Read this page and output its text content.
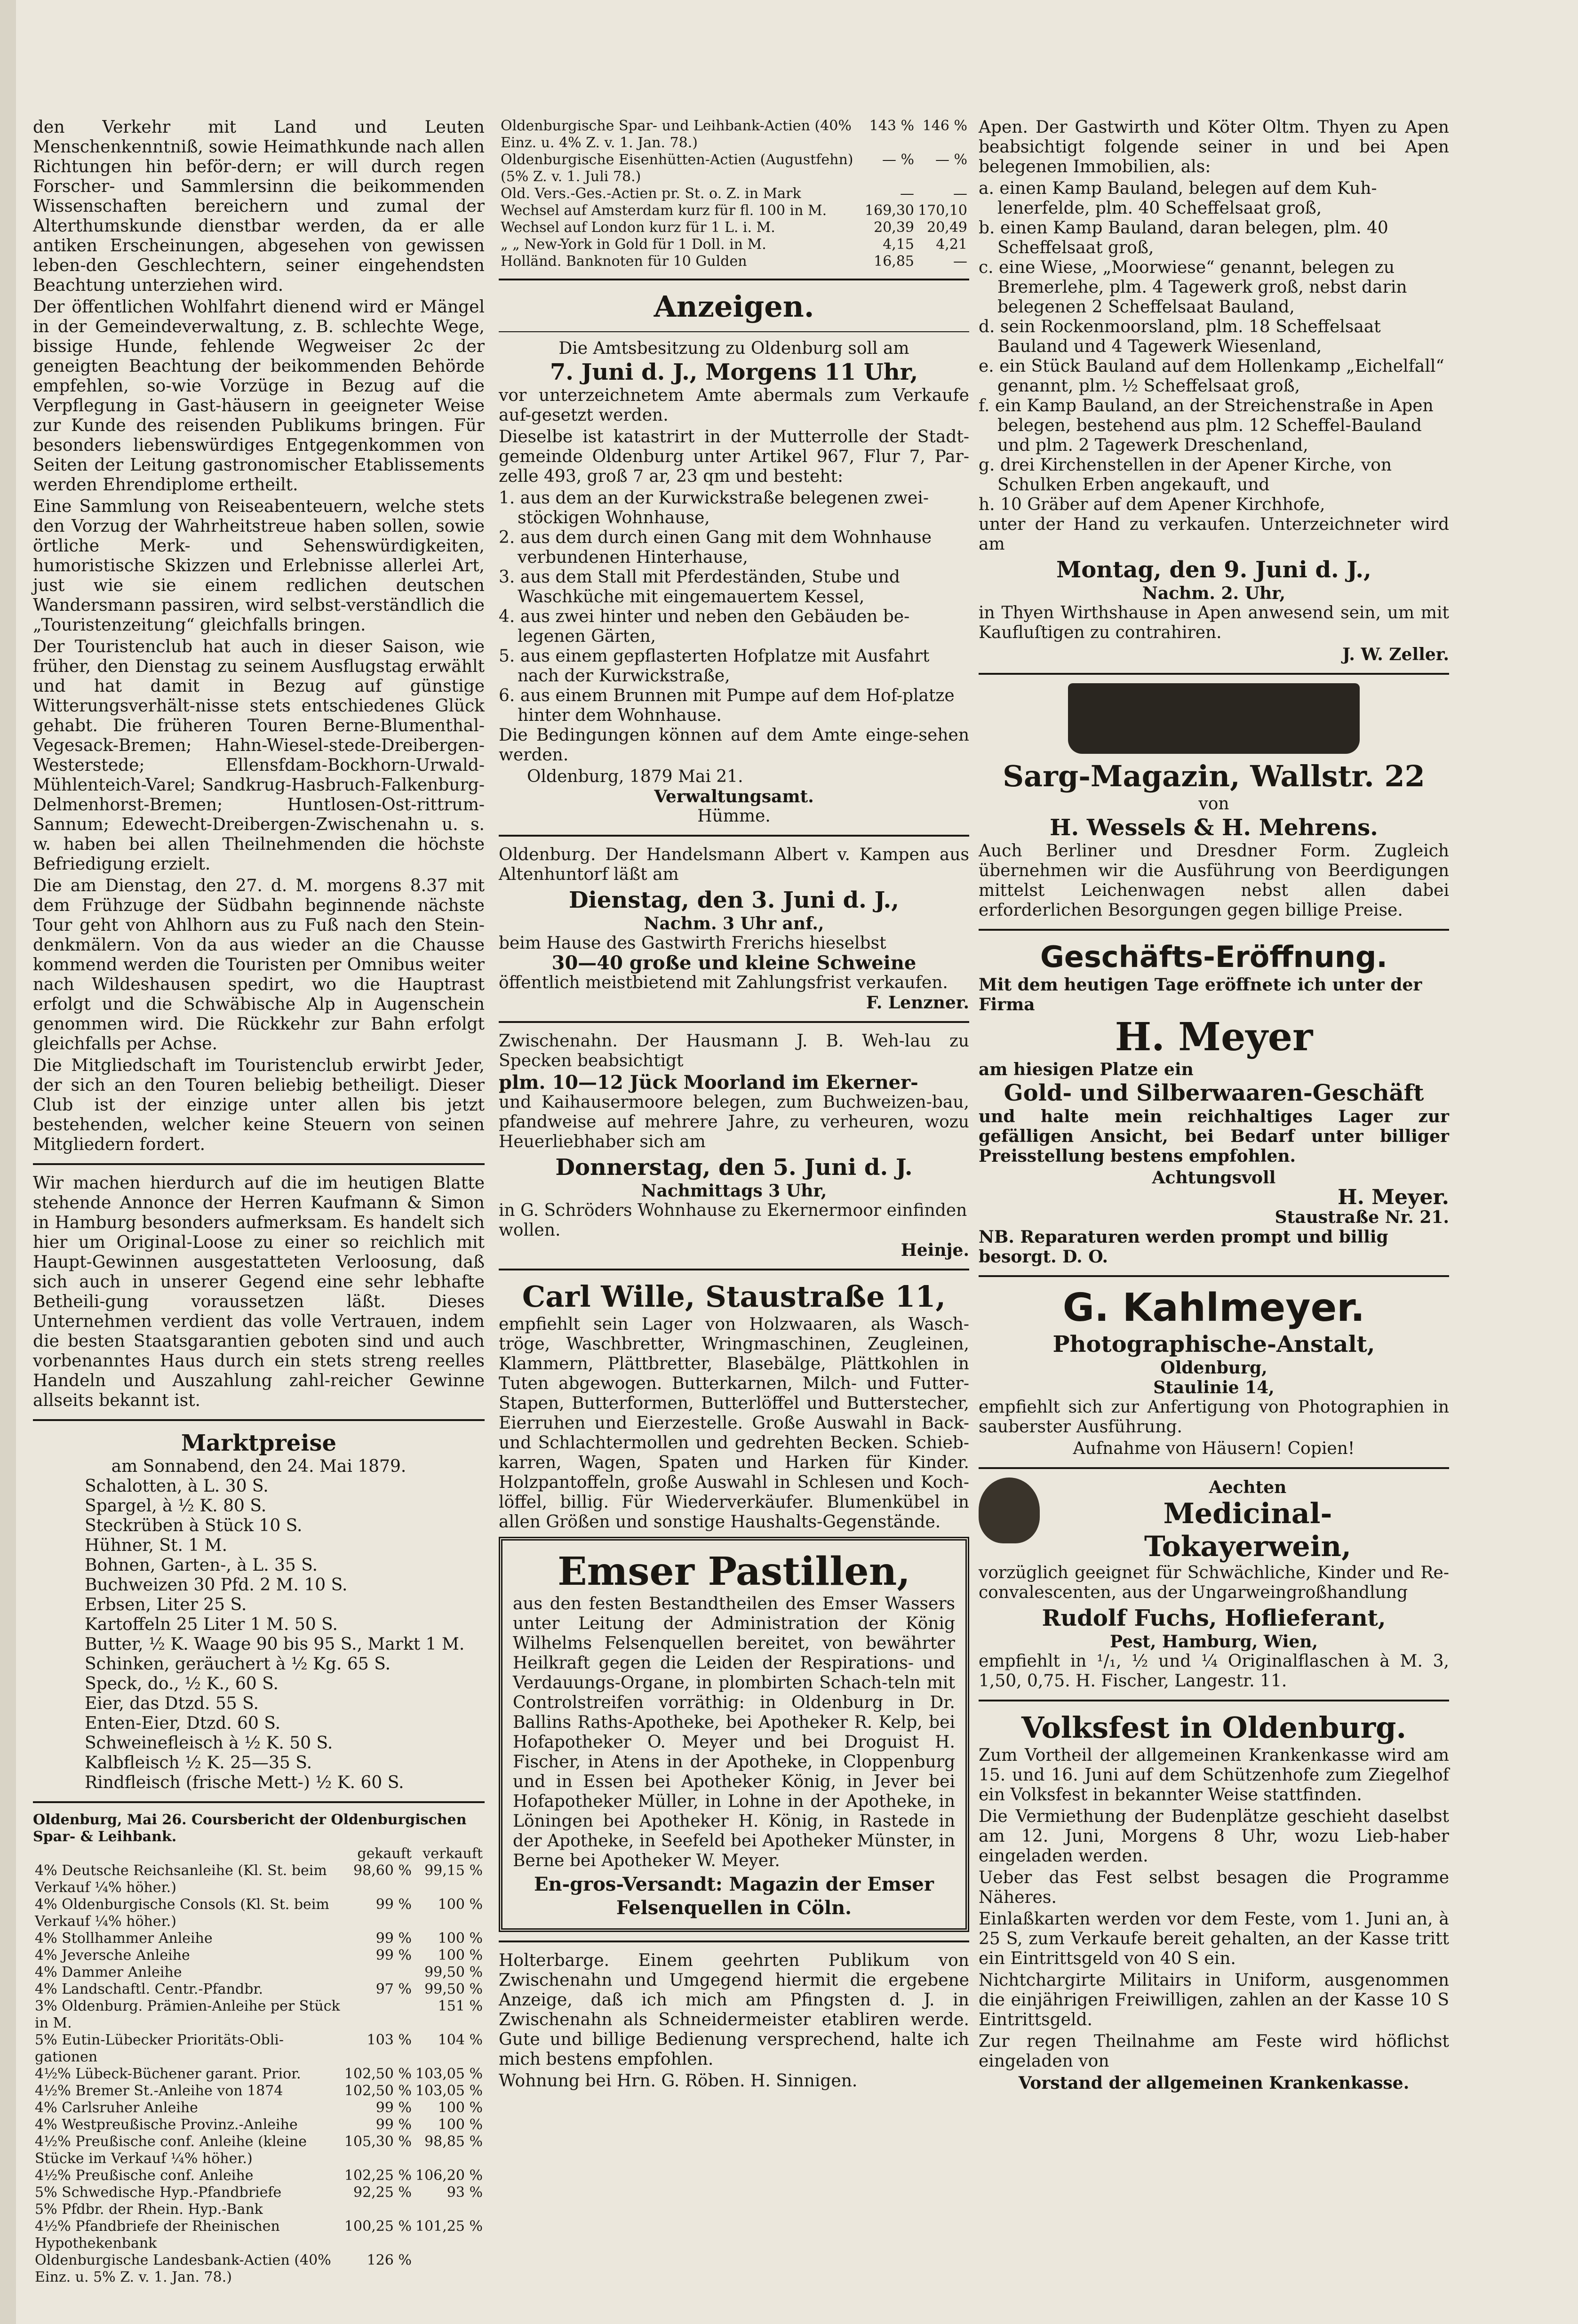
den Verkehr mit Land und Leuten Menschenkenntniß, sowie Heimathkunde nach allen Richtungen hin beför-dern; er will durch regen Forscher- und Sammlersinn die beikommenden Wissenschaften bereichern und zumal der Alterthumskunde dienstbar werden, da er alle antiken Erscheinungen, abgesehen von gewissen leben-den Geschlechtern, seiner eingehendsten Beachtung unterziehen wird.

Der öffentlichen Wohlfahrt dienend wird er Mängel in der Gemeindeverwaltung, z. B. schlechte Wege, bissige Hunde, fehlende Wegweiser 2c der geneigten Beachtung der beikommenden Behörde empfehlen, so-wie Vorzüge in Bezug auf die Verpflegung in Gast-häusern in geeigneter Weise zur Kunde des reisenden Publikums bringen. Für besonders liebenswürdiges Entgegenkommen von Seiten der Leitung gastronomischer Etablissements werden Ehrendiplome ertheilt.

Eine Sammlung von Reiseabenteuern, welche stets den Vorzug der Wahrheitstreue haben sollen, sowie örtliche Merk- und Sehenswürdigkeiten, humoristische Skizzen und Erlebnisse allerlei Art, just wie sie einem redlichen deutschen Wandersmann passiren, wird selbst-verständlich die „Touristenzeitung“ gleichfalls bringen.

Der Touristenclub hat auch in dieser Saison, wie früher, den Dienstag zu seinem Ausflugstag erwählt und hat damit in Bezug auf günstige Witterungsverhält-nisse stets entschiedenes Glück gehabt. Die früheren Touren Berne-Blumenthal-Vegesack-Bremen; Hahn-Wiesel-stede-Dreibergen-Westerstede; Ellensfdam-Bockhorn-Urwald-Mühlenteich-Varel; Sandkrug-Hasbruch-Falkenburg-Delmenhorst-Bremen; Huntlosen-Ost-rittrum-Sannum; Edewecht-Dreibergen-Zwischenahn u. s. w. haben bei allen Theilnehmenden die höchste Befriedigung erzielt.

Die am Dienstag, den 27. d. M. morgens 8.37 mit dem Frühzuge der Südbahn beginnende nächste Tour geht von Ahlhorn aus zu Fuß nach den Stein-denkmälern. Von da aus wieder an die Chausse kommend werden die Touristen per Omnibus weiter nach Wildeshausen spedirt, wo die Hauptrast erfolgt und die Schwäbische Alp in Augenschein genommen wird. Die Rückkehr zur Bahn erfolgt gleichfalls per Achse.

Die Mitgliedschaft im Touristenclub erwirbt Jeder, der sich an den Touren beliebig betheiligt. Dieser Club ist der einzige unter allen bis jetzt bestehenden, welcher keine Steuern von seinen Mitgliedern fordert.

Wir machen hierdurch auf die im heutigen Blatte stehende Annonce der Herren Kaufmann & Simon in Hamburg besonders aufmerksam. Es handelt sich hier um Original-Loose zu einer so reichlich mit Haupt-Gewinnen ausgestatteten Verloosung, daß sich auch in unserer Gegend eine sehr lebhafte Betheili-gung voraussetzen läßt. Dieses Unternehmen verdient das volle Vertrauen, indem die besten Staatsgarantien geboten sind und auch vorbenanntes Haus durch ein stets streng reelles Handeln und Auszahlung zahl-reicher Gewinne allseits bekannt ist.

Marktpreise
am Sonnabend, den 24. Mai 1879.
Schalotten, à L. 30 S.
Spargel, à ½ K. 80 S.
Steckrüben à Stück 10 S.
Hühner, St. 1 M.
Bohnen, Garten-, à L. 35 S.
Buchweizen 30 Pfd. 2 M. 10 S.
Erbsen, Liter 25 S.
Kartoffeln 25 Liter 1 M. 50 S.
Butter, ½ K. Waage 90 bis 95 S., Markt 1 M.
Schinken, geräuchert à ½ Kg. 65 S.
Speck, do., ½ K., 60 S.
Eier, das Dtzd. 55 S.
Enten-Eier, Dtzd. 60 S.
Schweinefleisch à ½ K. 50 S.
Kalbfleisch ½ K. 25—35 S.
Rindfleisch (frische Mett-) ½ K. 60 S.
Oldenburg, Mai 26. Coursbericht der Oldenburgischen Spar- & Leihbank.
	gekauft	verkauft
4% Deutsche Reichsanleihe (Kl. St. beim Verkauf ¼% höher.)	98,60 %	99,15 %
4% Oldenburgische Consols (Kl. St. beim Verkauf ¼% höher.)	99 %	100 %
4% Stollhammer Anleihe	99 %	100 %
4% Jeversche Anleihe	99 %	100 %
4% Dammer Anleihe		99,50 %
4% Landschaftl. Centr.-Pfandbr.	97 %	99,50 %
3% Oldenburg. Prämien-Anleihe per Stück in M.		151 %
5% Eutin-Lübecker Prioritäts-Obli-gationen	103 %	104 %
4½% Lübeck-Büchener garant. Prior.	102,50 %	103,05 %
4½% Bremer St.-Anleihe von 1874	102,50 %	103,05 %
4% Carlsruher Anleihe	99 %	100 %
4% Westpreußische Provinz.-Anleihe	99 %	100 %
4½% Preußische conf. Anleihe (kleine Stücke im Verkauf ¼% höher.)	105,30 %	98,85 %
4½% Preußische conf. Anleihe	102,25 %	106,20 %
5% Schwedische Hyp.-Pfandbriefe	92,25 %	93 %
5% Pfdbr. der Rhein. Hyp.-Bank		
4½% Pfandbriefe der Rheinischen Hypothekenbank	100,25 %	101,25 %
Oldenburgische Landesbank-Actien (40% Einz. u. 5% Z. v. 1. Jan. 78.)	126 %	
Oldenburgische Spar- und Leihbank-Actien (40% Einz. u. 4% Z. v. 1. Jan. 78.)	143 %	146 %
Oldenburgische Eisenhütten-Actien (Augustfehn) (5% Z. v. 1. Juli 78.)	— %	— %
Old. Vers.-Ges.-Actien pr. St. o. Z. in Mark	—	—
Wechsel auf Amsterdam kurz für fl. 100 in M.	169,30	170,10
Wechsel auf London kurz für 1 L. i. M.	20,39	20,49
„ „ New-York in Gold für 1 Doll. in M.	4,15	4,21
Holländ. Banknoten für 10 Gulden	16,85	—
Anzeigen.
Die Amtsbesitzung zu Oldenburg soll am
7. Juni d. J., Morgens 11 Uhr,

vor unterzeichnetem Amte abermals zum Verkaufe auf-gesetzt werden.

Dieselbe ist katastrirt in der Mutterrolle der Stadt-gemeinde Oldenburg unter Artikel 967, Flur 7, Par-zelle 493, groß 7 ar, 23 qm und besteht:

1. aus dem an der Kurwickstraße belegenen zwei-stöckigen Wohnhause,
2. aus dem durch einen Gang mit dem Wohnhause verbundenen Hinterhause,
3. aus dem Stall mit Pferdeständen, Stube und Waschküche mit eingemauertem Kessel,
4. aus zwei hinter und neben den Gebäuden be-legenen Gärten,
5. aus einem gepflasterten Hofplatze mit Ausfahrt nach der Kurwickstraße,
6. aus einem Brunnen mit Pumpe auf dem Hof-platze hinter dem Wohnhause.

Die Bedingungen können auf dem Amte einge-sehen werden.

Oldenburg, 1879 Mai 21.
Verwaltungsamt.
Hümme.

Oldenburg. Der Handelsmann Albert v. Kampen aus Altenhuntorf läßt am

Dienstag, den 3. Juni d. J.,
Nachm. 3 Uhr anf.,
beim Hause des Gastwirth Frerichs hieselbst
30—40 große und kleine Schweine
öffentlich meistbietend mit Zahlungsfrist verkaufen.
F. Lenzner.

Zwischenahn. Der Hausmann J. B. Weh-lau zu Specken beabsichtigt

plm. 10—12 Jück Moorland im Ekerner-

und Kaihausermoore belegen, zum Buchweizen-bau, pfandweise auf mehrere Jahre, zu verheuren, wozu Heuerliebhaber sich am

Donnerstag, den 5. Juni d. J.
Nachmittags 3 Uhr,
in G. Schröders Wohnhause zu Ekernermoor einfinden wollen.
Heinje.
Carl Wille, Staustraße 11,

empfiehlt sein Lager von Holzwaaren, als Wasch-tröge, Waschbretter, Wringmaschinen, Zeugleinen, Klammern, Plättbretter, Blasebälge, Plättkohlen in Tuten abgewogen. Butterkarnen, Milch- und Futter-Stapen, Butterformen, Butterlöffel und Butterstecher, Eierruhen und Eierzestelle. Große Auswahl in Back- und Schlachtermollen und gedrehten Becken. Schieb-karren, Wagen, Spaten und Harken für Kinder. Holzpantoffeln, große Auswahl in Schlesen und Koch-löffel, billig. Für Wiederverkäufer. Blumenkübel in allen Größen und sonstige Haushalts-Gegenstände.

Emser Pastillen,

aus den festen Bestandtheilen des Emser Wassers unter Leitung der Administration der König Wilhelms Felsenquellen bereitet, von bewährter Heilkraft gegen die Leiden der Respirations- und Verdauungs-Organe, in plombirten Schach-teln mit Controlstreifen vorräthig: in Oldenburg in Dr. Ballins Raths-Apotheke, bei Apotheker R. Kelp, bei Hofapotheker O. Meyer und bei Droguist H. Fischer, in Atens in der Apotheke, in Cloppenburg und in Essen bei Apotheker König, in Jever bei Hofapotheker Müller, in Lohne in der Apotheke, in Löningen bei Apotheker H. König, in Rastede in der Apotheke, in Seefeld bei Apotheker Münster, in Berne bei Apotheker W. Meyer.

En-gros-Versandt: Magazin der Emser Felsenquellen in Cöln.

Holterbarge. Einem geehrten Publikum von Zwischenahn und Umgegend hiermit die ergebene Anzeige, daß ich mich am Pfingsten d. J. in Zwischenahn als Schneidermeister etabliren werde. Gute und billige Bedienung versprechend, halte ich mich bestens empfohlen.

Wohnung bei Hrn. G. Röben. H. Sinnigen.

Apen. Der Gastwirth und Köter Oltm. Thyen zu Apen beabsichtigt folgende seiner in und bei Apen belegenen Immobilien, als:

a. einen Kamp Bauland, belegen auf dem Kuh-lenerfelde, plm. 40 Scheffelsaat groß,
b. einen Kamp Bauland, daran belegen, plm. 40 Scheffelsaat groß,
c. eine Wiese, „Moorwiese“ genannt, belegen zu Bremerlehe, plm. 4 Tagewerk groß, nebst darin belegenen 2 Scheffelsaat Bauland,
d. sein Rockenmoorsland, plm. 18 Scheffelsaat Bauland und 4 Tagewerk Wiesenland,
e. ein Stück Bauland auf dem Hollenkamp „Eichelfall“ genannt, plm. ½ Scheffelsaat groß,
f. ein Kamp Bauland, an der Streichenstraße in Apen belegen, bestehend aus plm. 12 Scheffel-Bauland und plm. 2 Tagewerk Dreschenland,
g. drei Kirchenstellen in der Apener Kirche, von Schulken Erben angekauft, und
h. 10 Gräber auf dem Apener Kirchhofe,

unter der Hand zu verkaufen. Unterzeichneter wird am

Montag, den 9. Juni d. J.,
Nachm. 2. Uhr,

in Thyen Wirthshause in Apen anwesend sein, um mit Kaufluſtigen zu contrahiren.

J. W. Zeller.
Sarg-Magazin, Wallstr. 22
von
H. Wessels & H. Mehrens.

Auch Berliner und Dresdner Form. Zugleich übernehmen wir die Ausführung von Beerdigungen mittelst Leichenwagen nebst allen dabei erforderlichen Besorgungen gegen billige Preise.

Geschäfts-Eröffnung.
Mit dem heutigen Tage eröffnete ich unter der Firma
H. Meyer
am hiesigen Platze ein
Gold- und Silberwaaren-Geschäft

und halte mein reichhaltiges Lager zur gefälligen Ansicht, bei Bedarf unter billiger Preisstellung bestens empfohlen.

Achtungsvoll
H. Meyer.
Staustraße Nr. 21.
NB. Reparaturen werden prompt und billig besorgt. D. O.
G. Kahlmeyer.
Photographische-Anstalt,
Oldenburg,
Staulinie 14,

empfiehlt sich zur Anfertigung von Photographien in sauberster Ausführung.

Aufnahme von Häusern! Copien!
Aechten
Medicinal-
Tokayerwein,

vorzüglich geeignet für Schwächliche, Kinder und Re-convalescenten, aus der Ungarweingroßhandlung

Rudolf Fuchs, Hoflieferant,
Pest, Hamburg, Wien,

empfiehlt in ¹/₁, ½ und ¼ Originalflaschen à M. 3, 1,50, 0,75. H. Fischer, Langestr. 11.

Volksfest in Oldenburg.

Zum Vortheil der allgemeinen Krankenkasse wird am 15. und 16. Juni auf dem Schützenhofe zum Ziegelhof ein Volksfest in bekannter Weise stattfinden.

Die Vermiethung der Budenplätze geschieht daselbst am 12. Juni, Morgens 8 Uhr, wozu Lieb-haber eingeladen werden.

Ueber das Fest selbst besagen die Programme Näheres.

Einlaßkarten werden vor dem Feste, vom 1. Juni an, à 25 S, zum Verkaufe bereit gehalten, an der Kasse tritt ein Eintrittsgeld von 40 S ein.

Nichtchargirte Militairs in Uniform, ausgenommen die einjährigen Freiwilligen, zahlen an der Kasse 10 S Eintrittsgeld.

Zur regen Theilnahme am Feste wird höflichst eingeladen von

Vorstand der allgemeinen Krankenkasse.
